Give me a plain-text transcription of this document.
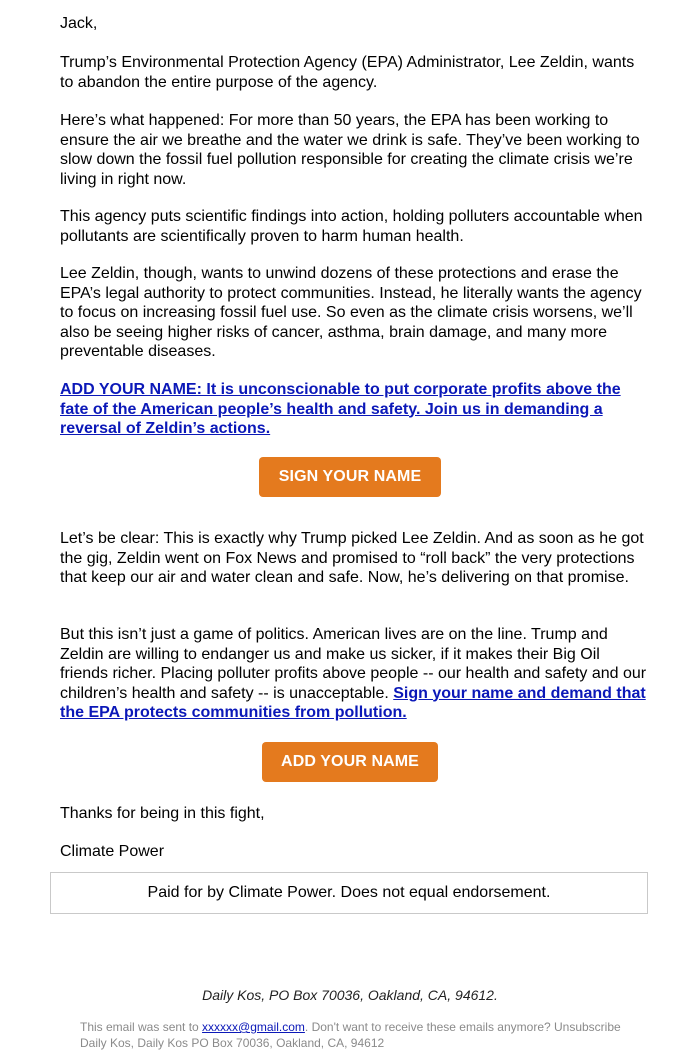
Jack,

Trump’s Environmental Protection Agency (EPA) Administrator, Lee Zeldin, wants to abandon the entire purpose of the agency.

Here’s what happened: For more than 50 years, the EPA has been working to ensure the air we breathe and the water we drink is safe. They’ve been working to slow down the fossil fuel pollution responsible for creating the climate crisis we’re living in right now.

This agency puts scientific findings into action, holding polluters accountable when pollutants are scientifically proven to harm human health.

Lee Zeldin, though, wants to unwind dozens of these protections and erase the EPA’s legal authority to protect communities. Instead, he literally wants the agency to focus on increasing fossil fuel use. So even as the climate crisis worsens, we’ll also be seeing higher risks of cancer, asthma, brain damage, and many more preventable diseases.

ADD YOUR NAME: It is unconscionable to put corporate profits above the fate of the American people’s health and safety. Join us in demanding a reversal of Zeldin’s actions.

Let’s be clear: This is exactly why Trump picked Lee Zeldin. And as soon as he got the gig, Zeldin went on Fox News and promised to “roll back” the very protections that keep our air and water clean and safe. Now, he’s delivering on that promise.

But this isn’t just a game of politics. American lives are on the line. Trump and Zeldin are willing to endanger us and make us sicker, if it makes their Big Oil friends richer. Placing polluter profits above people -- our health and safety and our children’s health and safety -- is unacceptable. Sign your name and demand that the EPA protects communities from pollution.

Thanks for being in this fight,

Climate Power

SIGN YOUR NAME
ADD YOUR NAME
Paid for by Climate Power. Does not equal endorsement.
Daily Kos, PO Box 70036, Oakland, CA, 94612.
This email was sent to xxxxxx@gmail.com. Don't want to receive these emails anymore? Unsubscribe
Daily Kos, Daily Kos PO Box 70036, Oakland, CA, 94612
